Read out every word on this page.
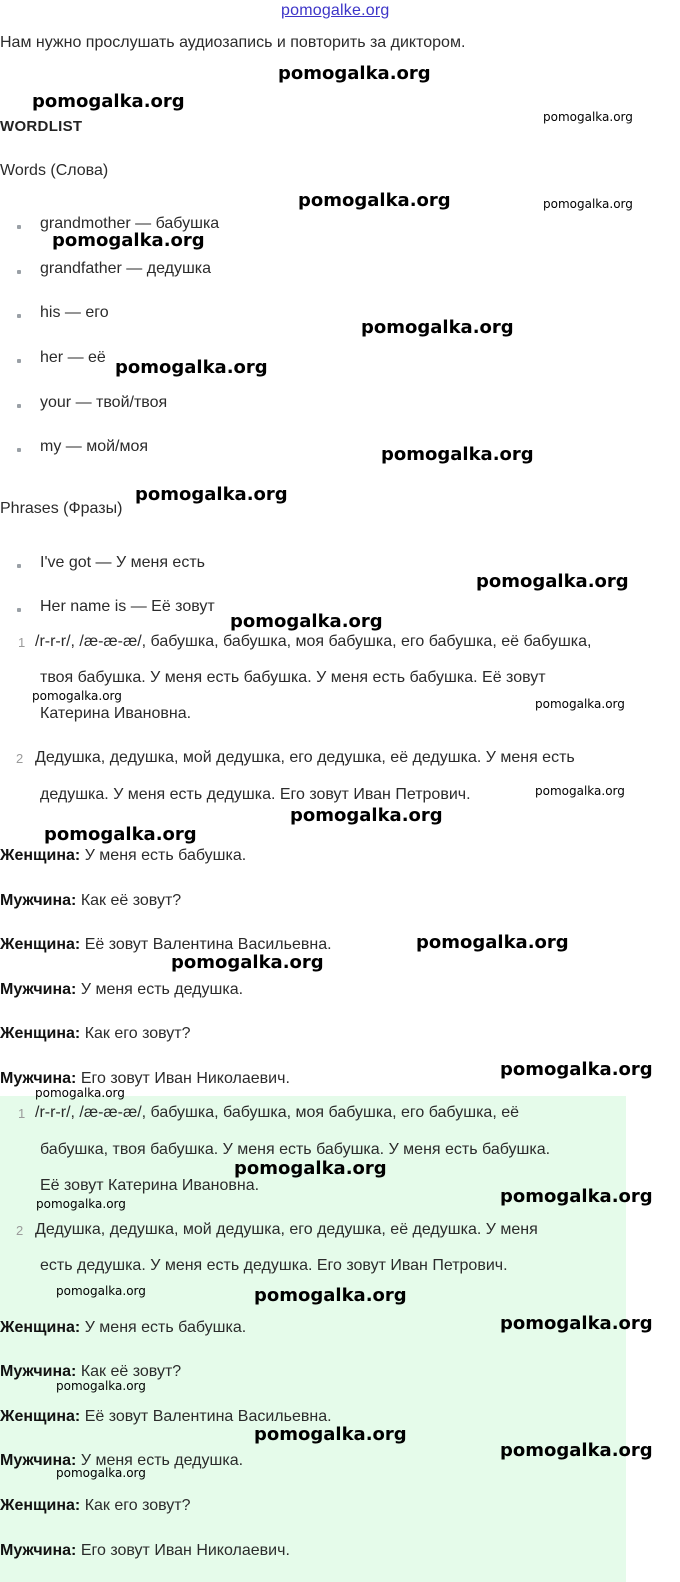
pomogalke.org
Нам нужно прослушать аудиозапись и повторить за диктором.
WORDLIST
Words (Слова)
grandmother — бабушка
grandfather — дедушка
his — его
her — её
your — твой/твоя
my — мой/моя
Phrases (Фразы)
I've got — У меня есть
Her name is — Её зовут
1 /r-r-r/, /æ-æ-æ/, бабушка, бабушка, моя бабушка, его бабушка, её бабушка,
твоя бабушка. У меня есть бабушка. У меня есть бабушка. Её зовут
Катерина Ивановна.
2 Дедушка, дедушка, мой дедушка, его дедушка, её дедушка. У меня есть
дедушка. У меня есть дедушка. Его зовут Иван Петрович.
Женщина: У меня есть бабушка.
Мужчина: Как её зовут?
Женщина: Её зовут Валентина Васильевна.
Мужчина: У меня есть дедушка.
Женщина: Как его зовут?
Мужчина: Его зовут Иван Николаевич.
1 /r-r-r/, /æ-æ-æ/, бабушка, бабушка, моя бабушка, его бабушка, её
бабушка, твоя бабушка. У меня есть бабушка. У меня есть бабушка.
Её зовут Катерина Ивановна.
2 Дедушка, дедушка, мой дедушка, его дедушка, её дедушка. У меня
есть дедушка. У меня есть дедушка. Его зовут Иван Петрович.
Женщина: У меня есть бабушка.
Мужчина: Как её зовут?
Женщина: Её зовут Валентина Васильевна.
Мужчина: У меня есть дедушка.
Женщина: Как его зовут?
Мужчина: Его зовут Иван Николаевич.
pomogalka.org
pomogalka.org
pomogalka.org
pomogalka.org	pomogalka.org
pomogalka.org
pomogalka.org
pomogalka.org
pomogalka.org
pomogalka.org
pomogalka.org
pomogalka.org
pomogalka.org
pomogalka.org
pomogalka.org
pomogalka.org
pomogalka.org
pomogalka.org
pomogalka.org
pomogalka.org
pomogalka.org
pomogalka.org
pomogalka.org
pomogalka.org
pomogalka.org	pomogalka.org
pomogalka.org
pomogalka.org
pomogalka.org
pomogalka.org
pomogalka.org
